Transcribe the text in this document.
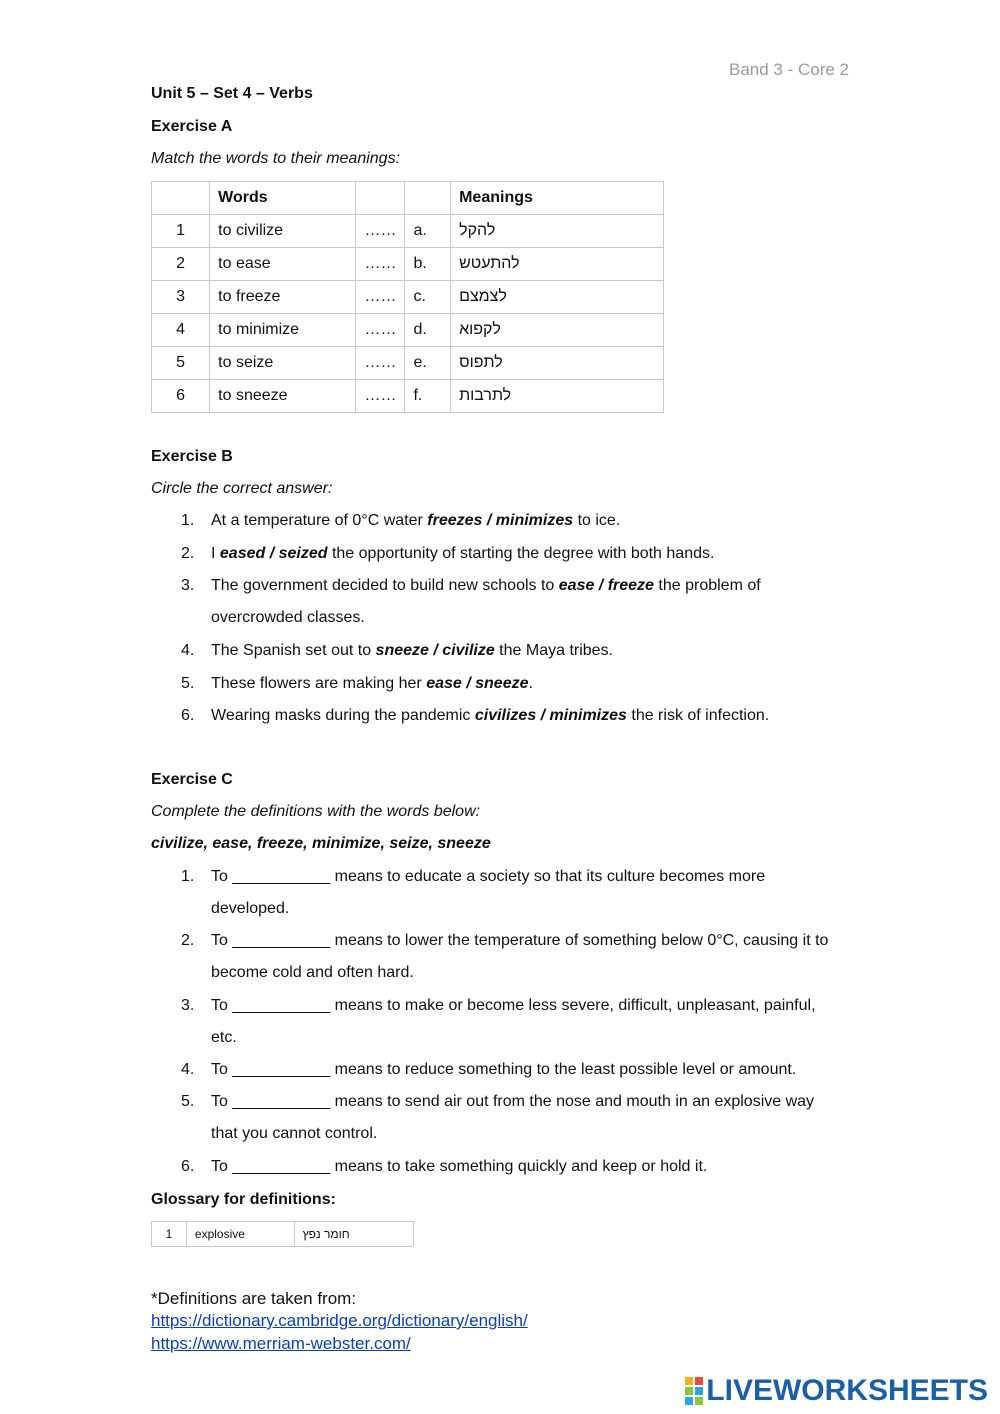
Band 3 - Core 2
Unit 5 – Set 4 – Verbs
Exercise A
Match the words to their meanings:
	Words			Meanings
1	to civilize	……	a.	להקל
2	to ease	……	b.	להתעטש
3	to freeze	……	c.	לצמצם
4	to minimize	……	d.	לקפוא
5	to seize	……	e.	לתפוס
6	to sneeze	……	f.	לתרבות
Exercise B
Circle the correct answer:
1.	At a temperature of 0°C water freezes / minimizes to ice.
2.	I eased / seized the opportunity of starting the degree with both hands.
3.	The government decided to build new schools to ease / freeze the problem of overcrowded classes.
4.	The Spanish set out to sneeze / civilize the Maya tribes.
5.	These flowers are making her ease / sneeze.
6.	Wearing masks during the pandemic civilizes / minimizes the risk of infection.
Exercise C
Complete the definitions with the words below:
civilize, ease, freeze, minimize, seize, sneeze
1.	To ___________ means to educate a society so that its culture becomes more developed.
2.	To ___________ means to lower the temperature of something below 0°C, causing it to become cold and often hard.
3.	To ___________ means to make or become less severe, difficult, unpleasant, painful, etc.
4.	To ___________ means to reduce something to the least possible level or amount.
5.	To ___________ means to send air out from the nose and mouth in an explosive way that you cannot control.
6.	To ___________ means to take something quickly and keep or hold it.
Glossary for definitions:
1	explosive	חומר נפץ
*Definitions are taken from:
https://dictionary.cambridge.org/dictionary/english/
https://www.merriam-webster.com/
LIVEWORKSHEETS
